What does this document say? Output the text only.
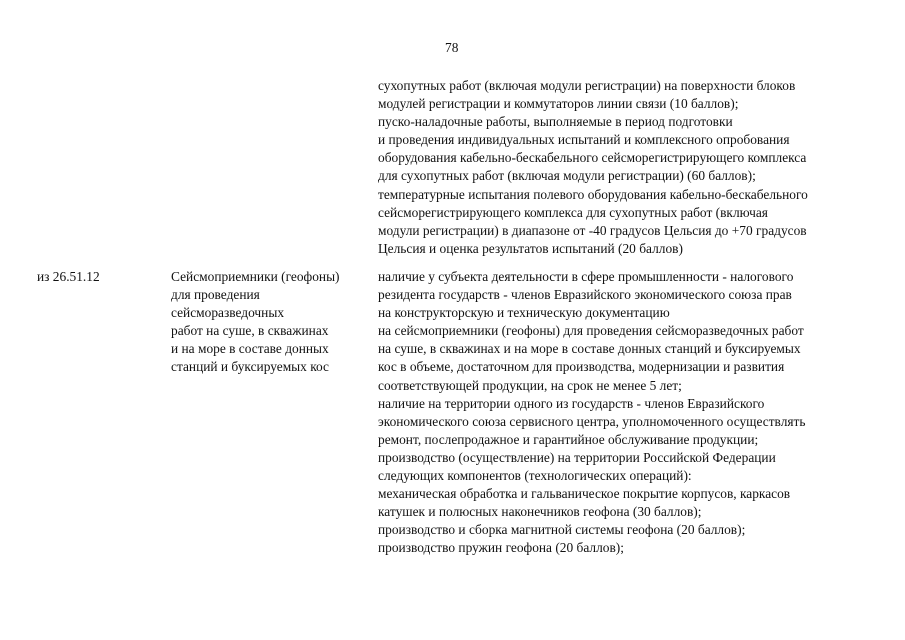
78
сухопутных работ (включая модули регистрации) на поверхности блоков
модулей регистрации и коммутаторов линии связи (10 баллов);
пуско-наладочные работы, выполняемые в период подготовки
и проведения индивидуальных испытаний и комплексного опробования
оборудования кабельно-бескабельного сейсморегистрирующего комплекса
для сухопутных работ (включая модули регистрации) (60 баллов);
температурные испытания полевого оборудования кабельно-бескабельного
сейсморегистрирующего комплекса для сухопутных работ (включая
модули регистрации) в диапазоне от -40 градусов Цельсия до +70 градусов
Цельсия и оценка результатов испытаний (20 баллов)
из 26.51.12	Сейсмоприемники (геофоны)
для проведения
сейсморазведочных
работ на суше, в скважинах
и на море в составе донных
станций и буксируемых кос
наличие у субъекта деятельности в сфере промышленности - налогового
резидента государств - членов Евразийского экономического союза прав
на конструкторскую и техническую документацию
на сейсмоприемники (геофоны) для проведения сейсморазведочных работ
на суше, в скважинах и на море в составе донных станций и буксируемых
кос в объеме, достаточном для производства, модернизации и развития
соответствующей продукции, на срок не менее 5 лет;
наличие на территории одного из государств - членов Евразийского
экономического союза сервисного центра, уполномоченного осуществлять
ремонт, послепродажное и гарантийное обслуживание продукции;
производство (осуществление) на территории Российской Федерации
следующих компонентов (технологических операций):
механическая обработка и гальваническое покрытие корпусов, каркасов
катушек и полюсных наконечников геофона (30 баллов);
производство и сборка магнитной системы геофона (20 баллов);
производство пружин геофона (20 баллов);
